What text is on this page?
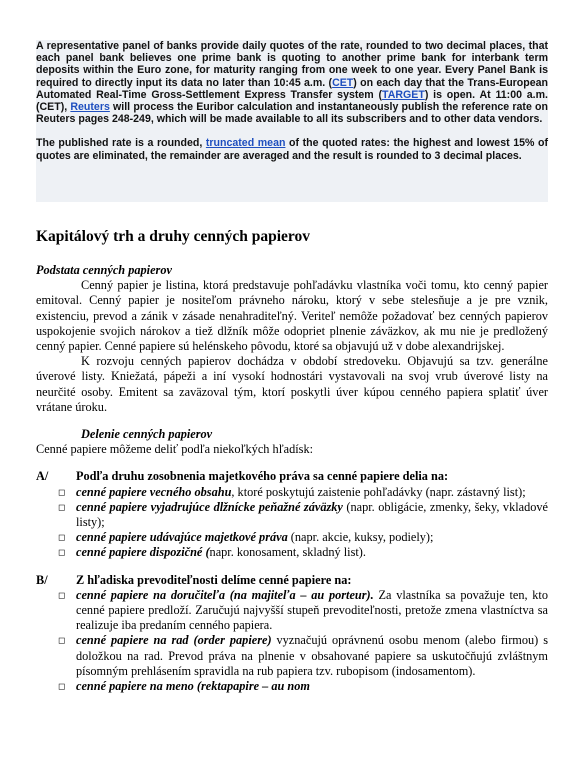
A representative panel of banks provide daily quotes of the rate, rounded to two decimal places, that each panel bank believes one prime bank is quoting to another prime bank for interbank term deposits within the Euro zone, for maturity ranging from one week to one year. Every Panel Bank is required to directly input its data no later than 10:45 a.m. (CET) on each day that the Trans-European Automated Real-Time Gross-Settlement Express Transfer system (TARGET) is open. At 11:00 a.m. (CET), Reuters will process the Euribor calculation and instantaneously publish the reference rate on Reuters pages 248-249, which will be made available to all its subscribers and to other data vendors.

The published rate is a rounded, truncated mean of the quoted rates: the highest and lowest 15% of quotes are eliminated, the remainder are averaged and the result is rounded to 3 decimal places.

Kapitálový trh a druhy cenných papierov

Podstata cenných papierov

Cenný papier je listina, ktorá predstavuje pohľadávku vlastníka voči tomu, kto cenný papier emitoval. Cenný papier je nositeľom právneho nároku, ktorý v sebe stelesňuje a je pre vznik, existenciu, prevod a zánik v zásade nenahraditeľný. Veriteľ nemôže požadovať bez cenných papierov uspokojenie svojich nárokov a tiež dlžník môže odopriet plnenie záväzkov, ak mu nie je predložený cenný papier. Cenné papiere sú helénskeho pôvodu, ktoré sa objavujú už v dobe alexandrijskej.

K rozvoju cenných papierov dochádza v období stredoveku. Objavujú sa tzv. generálne úverové listy. Kniežatá, pápeži a iní vysokí hodnostári vystavovali na svoj vrub úverové listy na neurčité osoby. Emitent sa zaväzoval tým, ktorí poskytli úver kúpou cenného papiera splatiť úver vrátane úroku.

Delenie cenných papierov

Cenné papiere môžeme deliť podľa niekoľkých hľadísk:

A/	Podľa druhu zosobnenia majetkového práva sa cenné papiere delia na:
◻ cenné papiere vecného obsahu, ktoré poskytujú zaistenie pohľadávky (napr. zástavný list);
◻ cenné papiere vyjadrujúce dlžnícke peňažné záväzky (napr. obligácie, zmenky, šeky, vkladové listy);
◻ cenné papiere udávajúce majetkové práva (napr. akcie, kuksy, podiely);
◻ cenné papiere dispozičné (napr. konosament, skladný list).
B/	Z hľadiska prevoditeľnosti delíme cenné papiere na:
◻ cenné papiere na doručiteľa (na majiteľa – au porteur). Za vlastníka sa považuje ten, kto cenné papiere predloží. Zaručujú najvyšší stupeň prevoditeľnosti, pretože zmena vlastníctva sa realizuje iba predaním cenného papiera.
◻ cenné papiere na rad (order papiere) vyznačujú oprávnenú osobu menom (alebo firmou) s doložkou na rad. Prevod práva na plnenie v obsahované papiere sa uskutočňujú zvláštnym písomným prehlásením spravidla na rub papiera tzv. rubopisom (indosamentom).
◻ cenné papiere na meno (rektapapire – au nom
